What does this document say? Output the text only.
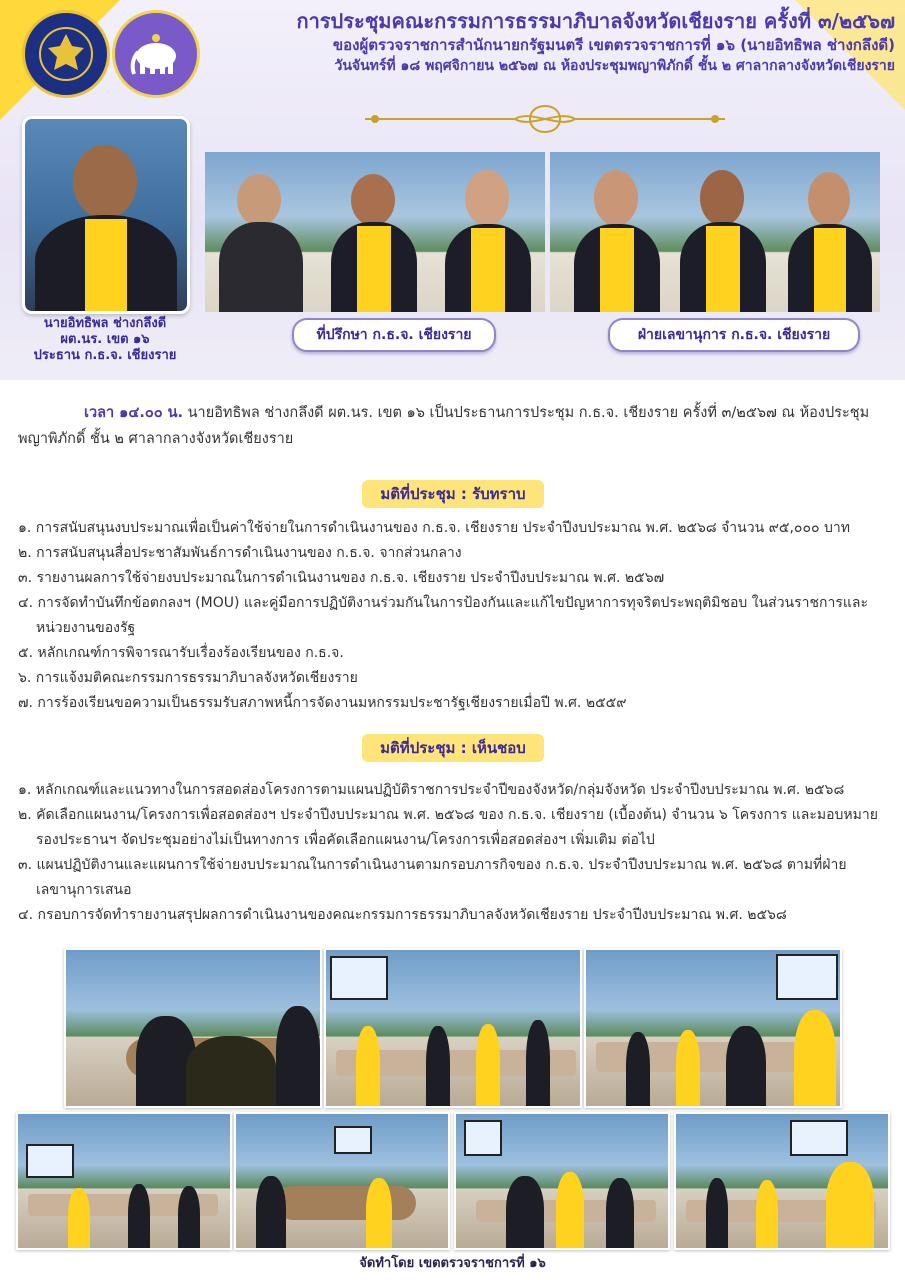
การประชุมคณะกรรมการธรรมาภิบาลจังหวัดเชียงราย ครั้งที่ ๓/๒๕๖๗
ของผู้ตรวจราชการสำนักนายกรัฐมนตรี เขตตรวจราชการที่ ๑๖ (นายอิทธิพล ช่างกลึงดี)
วันจันทร์ที่ ๑๘ พฤศจิกายน ๒๕๖๗ ณ ห้องประชุมพญาพิภักดิ์ ชั้น ๒ ศาลากลางจังหวัดเชียงราย
นายอิทธิพล ช่างกลึงดี
ผต.นร. เขต ๑๖
ประธาน ก.ธ.จ. เชียงราย
ที่ปรึกษา ก.ธ.จ. เชียงราย	ฝ่ายเลขานุการ ก.ธ.จ. เชียงราย
เวลา ๑๔.๐๐ น. นายอิทธิพล ช่างกลึงดี ผต.นร. เขต ๑๖ เป็นประธานการประชุม ก.ธ.จ. เชียงราย ครั้งที่ ๓/๒๕๖๗ ณ ห้องประชุมพญาพิภักดิ์ ชั้น ๒ ศาลากลางจังหวัดเชียงราย
มติที่ประชุม : รับทราบ
๑. การสนับสนุนงบประมาณเพื่อเป็นค่าใช้จ่ายในการดำเนินงานของ ก.ธ.จ. เชียงราย ประจำปีงบประมาณ พ.ศ. ๒๕๖๘ จำนวน ๙๕,๐๐๐ บาท
๒. การสนับสนุนสื่อประชาสัมพันธ์การดำเนินงานของ ก.ธ.จ. จากส่วนกลาง
๓. รายงานผลการใช้จ่ายงบประมาณในการดำเนินงานของ ก.ธ.จ. เชียงราย ประจำปีงบประมาณ พ.ศ. ๒๕๖๗
๔. การจัดทำบันทึกข้อตกลงฯ (MOU) และคู่มือการปฏิบัติงานร่วมกันในการป้องกันและแก้ไขปัญหาการทุจริตประพฤติมิชอบ ในส่วนราชการและหน่วยงานของรัฐ
๕. หลักเกณฑ์การพิจารณารับเรื่องร้องเรียนของ ก.ธ.จ.
๖. การแจ้งมติคณะกรรมการธรรมาภิบาลจังหวัดเชียงราย
๗. การร้องเรียนขอความเป็นธรรมรับสภาพหนี้การจัดงานมหกรรมประชารัฐเชียงรายเมื่อปี พ.ศ. ๒๕๕๙
มติที่ประชุม : เห็นชอบ
๑. หลักเกณฑ์และแนวทางในการสอดส่องโครงการตามแผนปฏิบัติราชการประจำปีของจังหวัด/กลุ่มจังหวัด ประจำปีงบประมาณ พ.ศ. ๒๕๖๘
๒. คัดเลือกแผนงาน/โครงการเพื่อสอดส่องฯ ประจำปีงบประมาณ พ.ศ. ๒๕๖๘ ของ ก.ธ.จ. เชียงราย (เบื้องต้น) จำนวน ๖ โครงการ และมอบหมายรองประธานฯ จัดประชุมอย่างไม่เป็นทางการ เพื่อคัดเลือกแผนงาน/โครงการเพื่อสอดส่องฯ เพิ่มเติม ต่อไป
๓. แผนปฏิบัติงานและแผนการใช้จ่ายงบประมาณในการดำเนินงานตามกรอบภารกิจของ ก.ธ.จ. ประจำปีงบประมาณ พ.ศ. ๒๕๖๘ ตามที่ฝ่ายเลขานุการเสนอ
๔. กรอบการจัดทำรายงานสรุปผลการดำเนินงานของคณะกรรมการธรรมาภิบาลจังหวัดเชียงราย ประจำปีงบประมาณ พ.ศ. ๒๕๖๘
จัดทำโดย เขตตรวจราชการที่ ๑๖
